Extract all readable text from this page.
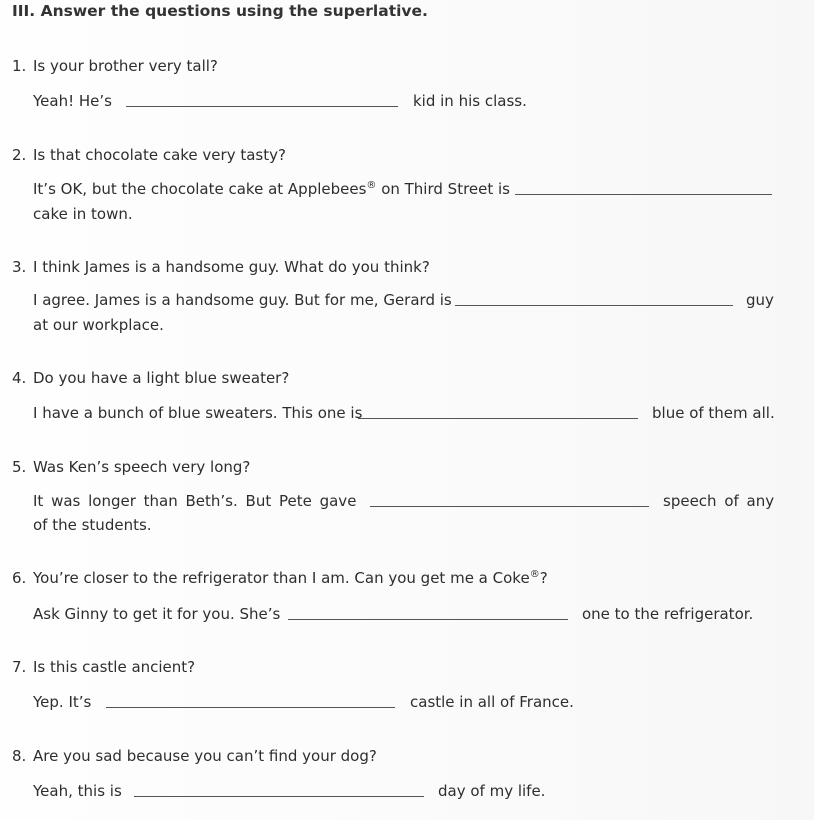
III. Answer the questions using the superlative.
1. Is your brother very tall?
Yeah! He’s	kid in his class.
2. Is that chocolate cake very tasty?
It’s OK, but the chocolate cake at Applebees® on Third Street is
cake in town.
3. I think James is a handsome guy. What do you think?
I agree. James is a handsome guy. But for me, Gerard is	guy
at our workplace.
4. Do you have a light blue sweater?
I have a bunch of blue sweaters. This one is	blue of them all.
5. Was Ken’s speech very long?
It was longer than Beth’s. But Pete gave	speech of any
of the students.
6. You’re closer to the refrigerator than I am. Can you get me a Coke®?
Ask Ginny to get it for you. She’s	one to the refrigerator.
7. Is this castle ancient?
Yep. It’s	castle in all of France.
8. Are you sad because you can’t find your dog?
Yeah, this is	day of my life.
